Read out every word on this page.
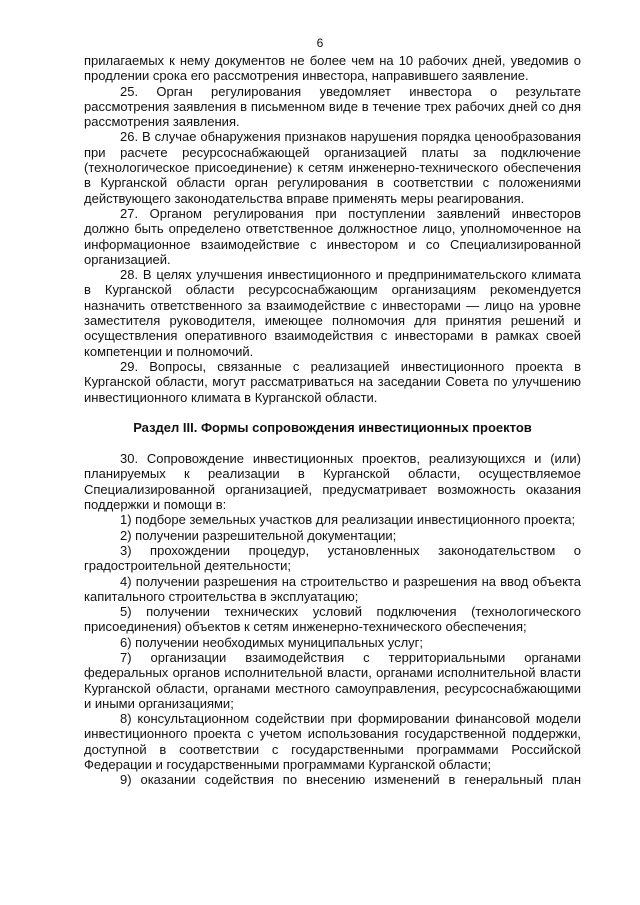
6

прилагаемых к нему документов не более чем на 10 рабочих дней, уведомив о продлении срока его рассмотрения инвестора, направившего заявление.

25. Орган регулирования уведомляет инвестора о результате рассмотрения заявления в письменном виде в течение трех рабочих дней со дня рассмотрения заявления.

26. В случае обнаружения признаков нарушения порядка ценообразования при расчете ресурсоснабжающей организацией платы за подключение (технологическое присоединение) к сетям инженерно-технического обеспечения в Курганской области орган регулирования в соответствии с положениями действующего законодательства вправе применять меры реагирования.

27. Органом регулирования при поступлении заявлений инвесторов должно быть определено ответственное должностное лицо, уполномоченное на информационное взаимодействие с инвестором и со Специализированной организацией.

28. В целях улучшения инвестиционного и предпринимательского климата в Курганской области ресурсоснабжающим организациям рекомендуется назначить ответственного за взаимодействие с инвесторами — лицо на уровне заместителя руководителя, имеющее полномочия для принятия решений и осуществления оперативного взаимодействия с инвесторами в рамках своей компетенции и полномочий.

29. Вопросы, связанные с реализацией инвестиционного проекта в Курганской области, могут рассматриваться на заседании Совета по улучшению инвестиционного климата в Курганской области.

Раздел III. Формы сопровождения инвестиционных проектов

30. Сопровождение инвестиционных проектов, реализующихся и (или) планируемых к реализации в Курганской области, осуществляемое Специализированной организацией, предусматривает возможность оказания поддержки и помощи в:

1) подборе земельных участков для реализации инвестиционного проекта;

2) получении разрешительной документации;

3) прохождении процедур, установленных законодательством о градостроительной деятельности;

4) получении разрешения на строительство и разрешения на ввод объекта капитального строительства в эксплуатацию;

5) получении технических условий подключения (технологического присоединения) объектов к сетям инженерно-технического обеспечения;

6) получении необходимых муниципальных услуг;

7) организации взаимодействия с территориальными органами федеральных органов исполнительной власти, органами исполнительной власти Курганской области, органами местного самоуправления, ресурсоснабжающими и иными организациями;

8) консультационном содействии при формировании финансовой модели инвестиционного проекта с учетом использования государственной поддержки, доступной в соответствии с государственными программами Российской Федерации и государственными программами Курганской области;

9) оказании содействия по внесению изменений в генеральный план
